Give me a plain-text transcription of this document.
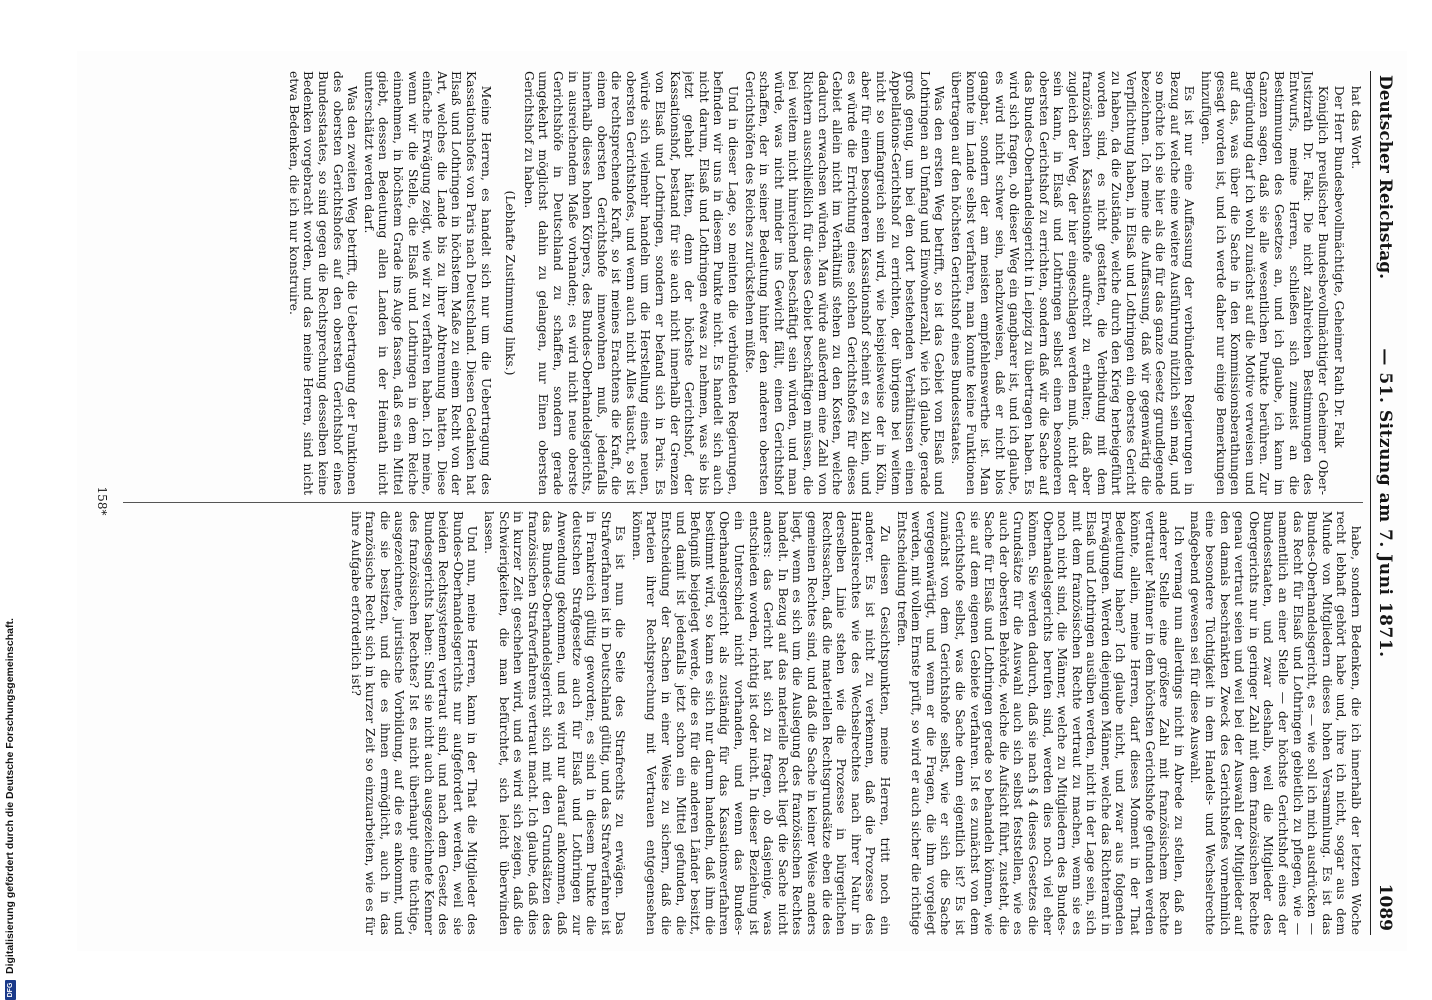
DFGDigitalisierung gefördert durch die Deutsche Forschungsgemeinschaft.
Deutscher Reichstag.
— 51. Sitzung am 7. Juni 1871.
1089

hat das Wort.

Der Herr Bundesbevollmächtigte, Geheimer Rath Dr. Falk

Königlich preußischer Bundesbevollmächtigter Geheimer Ober-Justizrath Dr. Falk: Die nicht zahlreichen Bestimmungen des Entwurfs, meine Herren, schließen sich zumeist an die Bestimmungen des Gesetzes an, und ich glaube, ich kann im Ganzen sagen, daß sie alle wesentlichen Punkte berühren. Zur Begründung darf ich wohl zunächst auf die Motive verweisen und auf das, was über die Sache in den Kommissionsberathungen gesagt worden ist, und ich werde daher nur einige Bemerkungen hinzufügen.

Es ist nur eine Auffassung der verbündeten Regierungen in Bezug auf welche eine weitere Ausführung nützlich sein mag, und so möchte ich sie hier als die für das ganze Gesetz grundlegende bezeichnen. Ich meine die Auffassung, daß wir gegenwärtig die Verpflichtung haben, in Elsaß und Lothringen ein oberstes Gericht zu haben, da die Zustände, welche durch den Krieg herbeigeführt worden sind, es nicht gestatten, die Verbindung mit dem französischen Kassationshofe aufrecht zu erhalten; daß aber zugleich der Weg, der hier eingeschlagen werden muß, nicht der sein kann, in Elsaß und Lothringen selbst einen besonderen obersten Gerichtshof zu errichten, sondern daß wir die Sache auf das Bundes-Oberhandelsgericht in Leipzig zu übertragen haben. Es wird sich fragen, ob dieser Weg ein gangbarer ist, und ich glaube, es wird nicht schwer sein, nachzuweisen, daß er nicht blos gangbar, sondern der am meisten empfehlenswerthe ist. Man konnte im Lande selbst verfahren, man konnte keine Funktionen übertragen auf den höchsten Gerichtshof eines Bundesstaates.

Was den ersten Weg betrifft, so ist das Gebiet von Elsaß und Lothringen an Umfang und Einwohnerzahl, wie ich glaube, gerade groß genug, um bei den dort bestehenden Verhältnissen einen Appellations-Gerichtshof zu errichten, der übrigens bei weitem nicht so umfangreich sein wird, wie beispielsweise der in Köln, aber für einen besonderen Kassationshof scheint es zu klein, und es würde die Errichtung eines solchen Gerichtshofes für dieses Gebiet allein nicht im Verhältniß stehen zu den Kosten, welche dadurch erwachsen würden. Man würde außerdem eine Zahl von Richtern ausschließlich für dieses Gebiet beschäftigen müssen, die bei weitem nicht hinreichend beschäftigt sein würden, und man würde, was nicht minder ins Gewicht fällt, einen Gerichtshof schaffen, der in seiner Bedeutung hinter den anderen obersten Gerichtshöfen des Reiches zurückstehen müßte.

Und in dieser Lage, so meinten die verbündeten Regierungen, befinden wir uns in diesem Punkte nicht. Es handelt sich auch nicht darum, Elsaß und Lothringen etwas zu nehmen, was sie bis jetzt gehabt hätten, denn der höchste Gerichtshof, der Kassationshof, bestand für sie auch nicht innerhalb der Grenzen von Elsaß und Lothringen, sondern er befand sich in Paris. Es würde sich vielmehr handeln um die Herstellung eines neuen, obersten Gerichtshofes, und wenn auch nicht Alles täuscht, so ist die rechtsprechende Kraft, so ist meines Erachtens die Kraft, die einem obersten Gerichtshofe innewohnen muß, jedenfalls innerhalb dieses hohen Körpers, des Bundes-Oberhandelsgerichts, in ausreichendem Maße vorhanden; es wird nicht neue oberste Gerichtshöfe in Deutschland zu schaffen, sondern gerade umgekehrt möglichst dahin zu gelangen, nur Einen obersten Gerichtshof zu haben.

(Lebhafte Zustimmung links.)

Meine Herren, es handelt sich nur um die Uebertragung des Kassationshofes von Paris nach Deutschland. Diesen Gedanken hat Elsaß und Lothringen in höchstem Maße zu einem Recht von der Art, welches die Lande bis zu ihrer Abtrennung hatten. Diese einfache Erwägung zeigt, wie wir zu verfahren haben. Ich meine, wenn wir die Stelle, die Elsaß und Lothringen in dem Reiche einnehmen, in höchstem Grade ins Auge fassen, daß es ein Mittel giebt, dessen Bedeutung allen Landen in der Heimath nicht unterschätzt werden darf.

Was den zweiten Weg betrifft, die Uebertragung der Funktionen des obersten Gerichtshofes auf den obersten Gerichtshof eines Bundesstaates, so sind gegen die Rechtsprechung desselben keine Bedenken vorgebracht worden, und das meine Herren, sind nicht etwa Bedenken, die ich nur konstruire.

habe, sondern Bedenken, die ich innerhalb der letzten Woche recht lebhaft gehört habe und, ihre ich nicht, sogar aus dem Munde von Mitgliedern dieses hohen Versammlung. Es ist das Bundes-Oberhandelsgericht, es — wie soll ich mich ausdrücken — das Recht für Elsaß und Lothringen gebietlich zu pflegen, wie — namentlich an einer Stelle — der höchste Gerichtshof eines der Bundesstaaten, und zwar deshalb, weil die Mitglieder des Obergerichts nur in geringer Zahl mit dem französischen Rechte genau vertraut seien und weil bei der Auswahl der Mitglieder auf den damals beschränkten Zweck des Gerichtshofes vornehmlich eine besondere Tüchtigkeit in dem Handels- und Wechselrechte maßgebend gewesen sei für diese Auswahl.

Ich vermag nun allerdings nicht in Abrede zu stellen, daß an anderer Stelle eine größere Zahl mit französischem Rechte vertrauter Männer in dem höchsten Gerichtshofe gefunden werden könnte, allein, meine Herren, darf dieses Moment in der That Bedeutung haben? Ich glaube nicht, und zwar aus folgenden Erwägungen. Werden diejenigen Männer, welche das Richteramt in Elsaß und Lothringen ausüben werden, nicht in der Lage sein, sich mit dem französischen Rechte vertraut zu machen, wenn sie es noch nicht sind, die Männer, welche zu Mitgliedern des Bundes-Oberhandelsgerichts berufen sind, werden dies noch viel eher können. Sie werden dadurch, daß sie nach § 4 dieses Gesetzes die Grundsätze für die Auswahl auch sich selbst feststellen, wie es auch der obersten Behörde, welche die Aufsicht führt, zusteht, die Sache für Elsaß und Lothringen gerade so behandeln können, wie sie auf dem eigenen Gebiete verfahren. Ist es zunächst von dem Gerichtshofe selbst, was die Sache denn eigentlich ist? Es ist zunächst von dem Gerichtshofe selbst, wie er sich die Sache vergegenwärtigt, und wenn er die Fragen, die ihm vorgelegt werden, mit vollem Ernste prüft, so wird er auch sicher die richtige Entscheidung treffen.

Zu diesen Gesichtspunkten, meine Herren, tritt noch ein anderer. Es ist nicht zu verkennen, daß die Prozesse des Handelsrechtes wie des Wechselrechtes nach ihrer Natur in derselben Linie stehen wie die Prozesse in bürgerlichen Rechtssachen, daß die materiellen Rechtsgrundsätze eben die des gemeinen Rechtes sind, und daß die Sache in keiner Weise anders liegt, wenn es sich um die Auslegung des französischen Rechtes handelt. In Bezug auf das materielle Recht liegt die Sache nicht anders: das Gericht hat sich zu fragen, ob dasjenige, was entschieden worden, richtig ist oder nicht. In dieser Beziehung ist ein Unterschied nicht vorhanden, und wenn das Bundes-Oberhandelsgericht als zuständig für das Kassationsverfahren bestimmt wird, so kann es sich nur darum handeln, daß ihm die Befugniß beigelegt werde, die es für die anderen Länder besitzt, und damit ist jedenfalls jetzt schon ein Mittel gefunden, die Entscheidung der Sachen in einer Weise zu sichern, daß die Parteien ihrer Rechtsprechung mit Vertrauen entgegensehen können.

Es ist nun die Seite des Strafrechts zu erwägen. Das Strafverfahren ist in Deutschland gültig, und das Strafverfahren ist in Frankreich gültig geworden; es sind in diesem Punkte die deutschen Strafgesetze auch für Elsaß und Lothringen zur Anwendung gekommen, und es wird nur darauf ankommen, daß das Bundes-Oberhandelsgericht sich mit den Grundsätzen des französischen Strafverfahrens vertraut macht. Ich glaube, daß dies in kurzer Zeit geschehen wird, und es wird sich zeigen, daß die Schwierigkeiten, die man befürchtet, sich leicht überwinden lassen.

Und nun, meine Herren, kann in der That die Mitglieder des Bundes-Oberhandelsgerichts nur aufgefordert werden, weil sie beiden Rechtssystemen vertraut sind, und nach dem Gesetz des Bundesgerichts haben: Sind sie nicht auch ausgezeichnete Kenner des französischen Rechtes? Ist es nicht überhaupt eine tüchtige, ausgezeichnete, juristische Vorbildung, auf die es ankommt, und die sie besitzen, und die es ihnen ermöglicht, auch in das französische Recht sich in kurzer Zeit so einzuarbeiten, wie es für ihre Aufgabe erforderlich ist?

158*
